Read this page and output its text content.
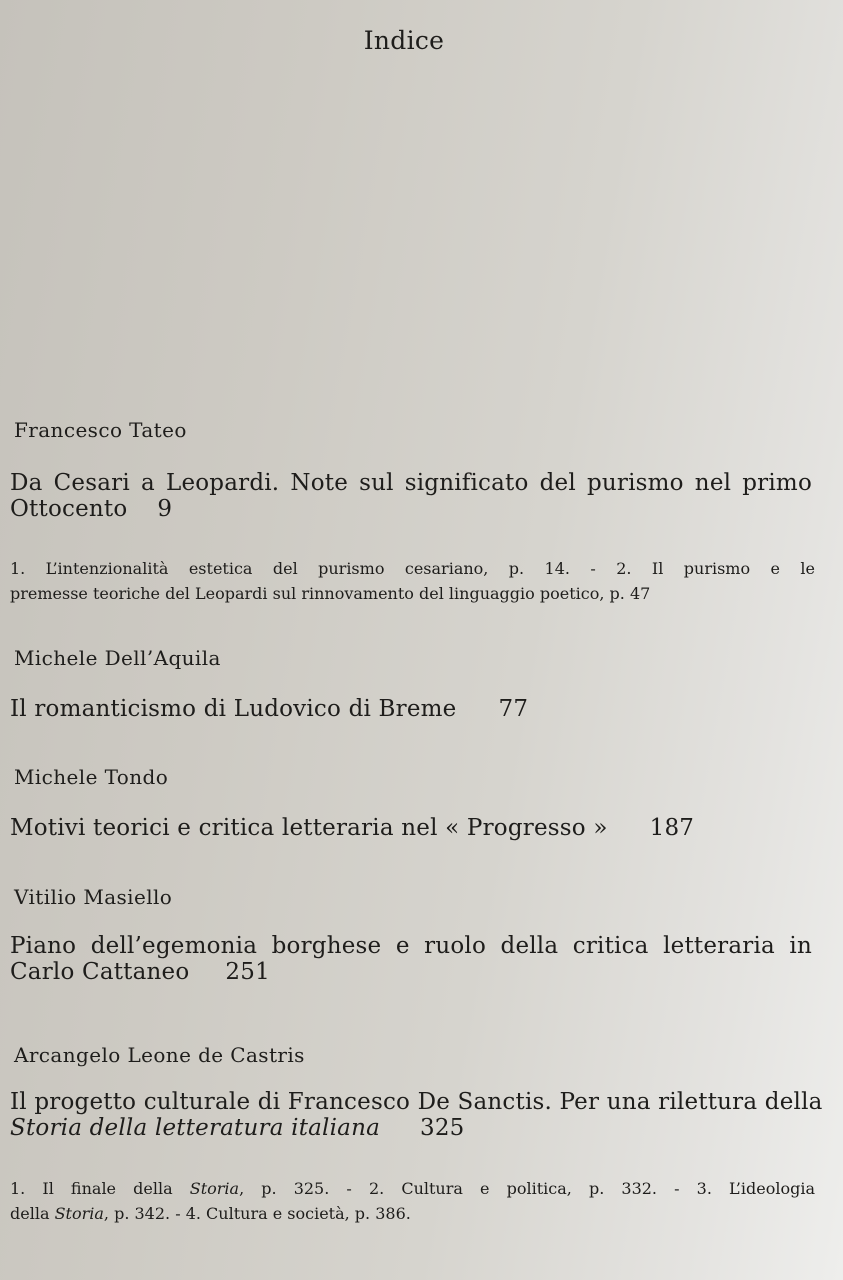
Indice
Francesco Tateo
Da Cesari a Leopardi. Note sul significato del purismo nel primo
Ottocento 9
1. L’intenzionalità estetica del purismo cesariano, p. 14. - 2. Il purismo e le
premesse teoriche del Leopardi sul rinnovamento del linguaggio poetico, p. 47
Michele Dell’Aquila
Il romanticismo di Ludovico di Breme 77
Michele Tondo
Motivi teorici e critica letteraria nel « Progresso » 187
Vitilio Masiello
Piano dell’egemonia borghese e ruolo della critica letteraria in
Carlo Cattaneo 251
Arcangelo Leone de Castris
Il progetto culturale di Francesco De Sanctis. Per una rilettura della
Storia della letteratura italiana 325
1. Il finale della Storia, p. 325. - 2. Cultura e politica, p. 332. - 3. L’ideologia
della Storia, p. 342. - 4. Cultura e società, p. 386.
